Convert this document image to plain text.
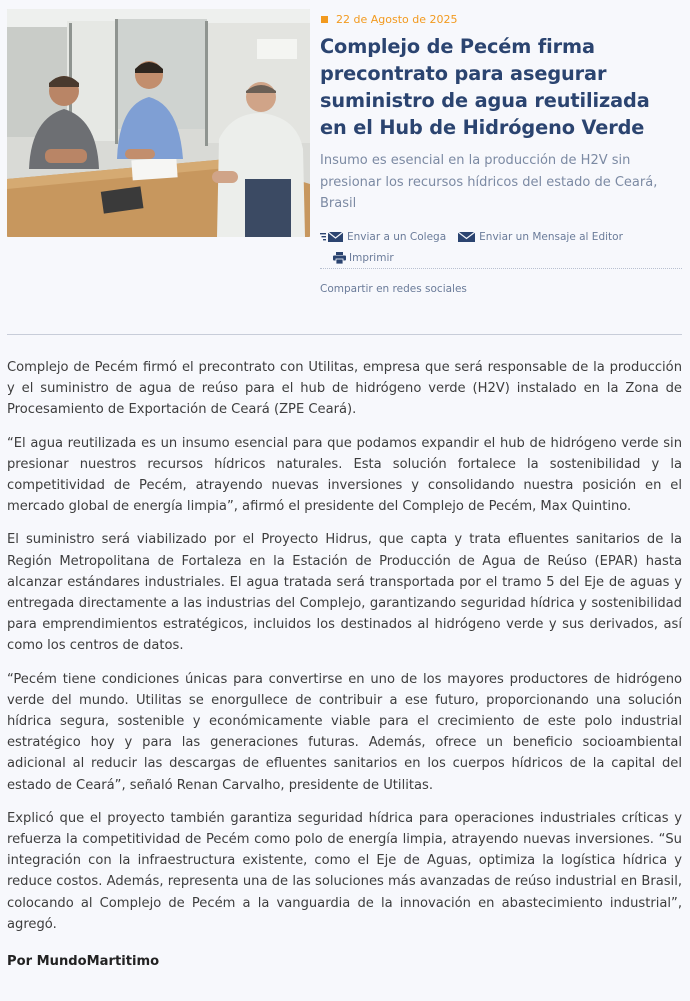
22 de Agosto de 2025
Complejo de Pecém firma precontrato para asegurar suministro de agua reutilizada en el Hub de Hidrógeno Verde

Insumo es esencial en la producción de H2V sin presionar los recursos hídricos del estado de Ceará, Brasil

Enviar a un Colega	Enviar un Mensaje al Editor
Imprimir
Compartir en redes sociales

Complejo de Pecém firmó el precontrato con Utilitas, empresa que será responsable de la producción y el suministro de agua de reúso para el hub de hidrógeno verde (H2V) instalado en la Zona de Procesamiento de Exportación de Ceará (ZPE Ceará).

“El agua reutilizada es un insumo esencial para que podamos expandir el hub de hidrógeno verde sin presionar nuestros recursos hídricos naturales. Esta solución fortalece la sostenibilidad y la competitividad de Pecém, atrayendo nuevas inversiones y consolidando nuestra posición en el mercado global de energía limpia”, afirmó el presidente del Complejo de Pecém, Max Quintino.

El suministro será viabilizado por el Proyecto Hidrus, que capta y trata efluentes sanitarios de la Región Metropolitana de Fortaleza en la Estación de Producción de Agua de Reúso (EPAR) hasta alcanzar estándares industriales. El agua tratada será transportada por el tramo 5 del Eje de aguas y entregada directamente a las industrias del Complejo, garantizando seguridad hídrica y sostenibilidad para emprendimientos estratégicos, incluidos los destinados al hidrógeno verde y sus derivados, así como los centros de datos.

“Pecém tiene condiciones únicas para convertirse en uno de los mayores productores de hidrógeno verde del mundo. Utilitas se enorgullece de contribuir a ese futuro, proporcionando una solución hídrica segura, sostenible y económicamente viable para el crecimiento de este polo industrial estratégico hoy y para las generaciones futuras. Además, ofrece un beneficio socioambiental adicional al reducir las descargas de efluentes sanitarios en los cuerpos hídricos de la capital del estado de Ceará”, señaló Renan Carvalho, presidente de Utilitas.

Explicó que el proyecto también garantiza seguridad hídrica para operaciones industriales críticas y refuerza la competitividad de Pecém como polo de energía limpia, atrayendo nuevas inversiones. “Su integración con la infraestructura existente, como el Eje de Aguas, optimiza la logística hídrica y reduce costos. Además, representa una de las soluciones más avanzadas de reúso industrial en Brasil, colocando al Complejo de Pecém a la vanguardia de la innovación en abastecimiento industrial”, agregó.

Por MundoMartitimo
